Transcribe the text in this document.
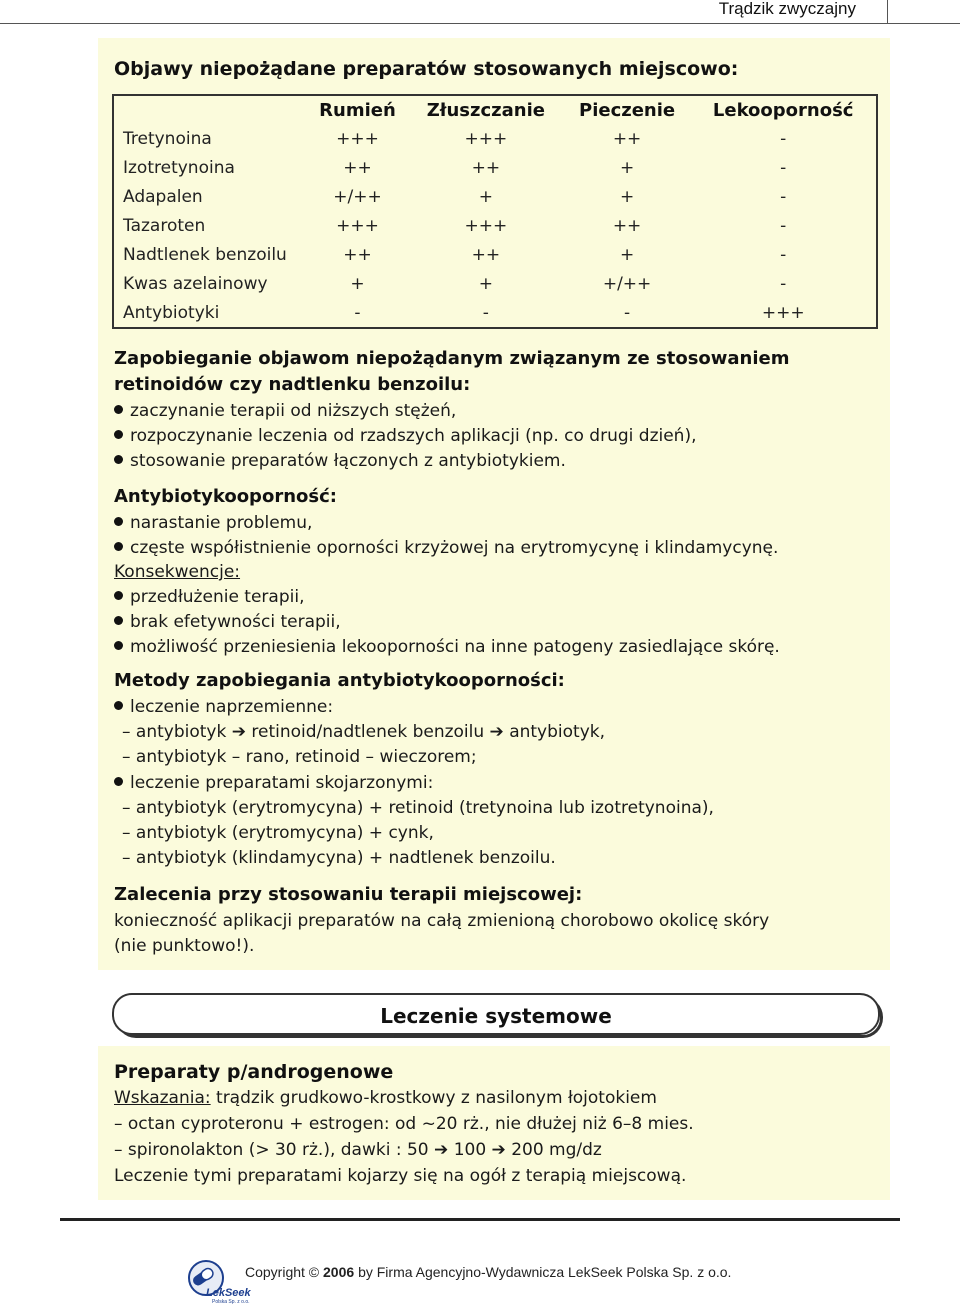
Trądzik zwyczajny
Objawy niepożądane preparatów stosowanych miejscowo:
	Rumień	Złuszczanie	Pieczenie	Lekooporność
Tretynoina	+++	+++	++	-
Izotretynoina	++	++	+	-
Adapalen	+/++	+	+	-
Tazaroten	+++	+++	++	-
Nadtlenek benzoilu	++	++	+	-
Kwas azelainowy	+	+	+/++	-
Antybiotyki	-	-	-	+++
Zapobieganie objawom niepożądanym związanym ze stosowaniem
retinoidów czy nadtlenku benzoilu:
zaczynanie terapii od niższych stężeń,
rozpoczynanie leczenia od rzadszych aplikacji (np. co drugi dzień),
stosowanie preparatów łączonych z antybiotykiem.
Antybiotykooporność:
narastanie problemu,
częste współistnienie oporności krzyżowej na erytromycynę i klindamycynę.
Konsekwencje:
przedłużenie terapii,
brak efetywności terapii,
możliwość przeniesienia lekooporności na inne patogeny zasiedlające skórę.
Metody zapobiegania antybiotykooporności:
leczenie naprzemienne:
– antybiotyk ➔ retinoid/nadtlenek benzoilu ➔ antybiotyk,
– antybiotyk – rano, retinoid – wieczorem;
leczenie preparatami skojarzonymi:
– antybiotyk (erytromycyna) + retinoid (tretynoina lub izotretynoina),
– antybiotyk (erytromycyna) + cynk,
– antybiotyk (klindamycyna) + nadtlenek benzoilu.
Zalecenia przy stosowaniu terapii miejscowej:
konieczność aplikacji preparatów na całą zmienioną chorobowo okolicę skóry
(nie punktowo!).
Leczenie systemowe
Preparaty p/androgenowe
Wskazania: trądzik grudkowo-krostkowy z nasilonym łojotokiem
– octan cyproteronu + estrogen: od ~20 rż., nie dłużej niż 6–8 mies.
– spironolakton (> 30 rż.), dawki : 50 ➔ 100 ➔ 200 mg/dz
Leczenie tymi preparatami kojarzy się na ogół z terapią miejscową.
LekSeek
Polska Sp. z o.o.
Copyright © 2006 by Firma Agencyjno-Wydawnicza LekSeek Polska Sp. z o.o.
